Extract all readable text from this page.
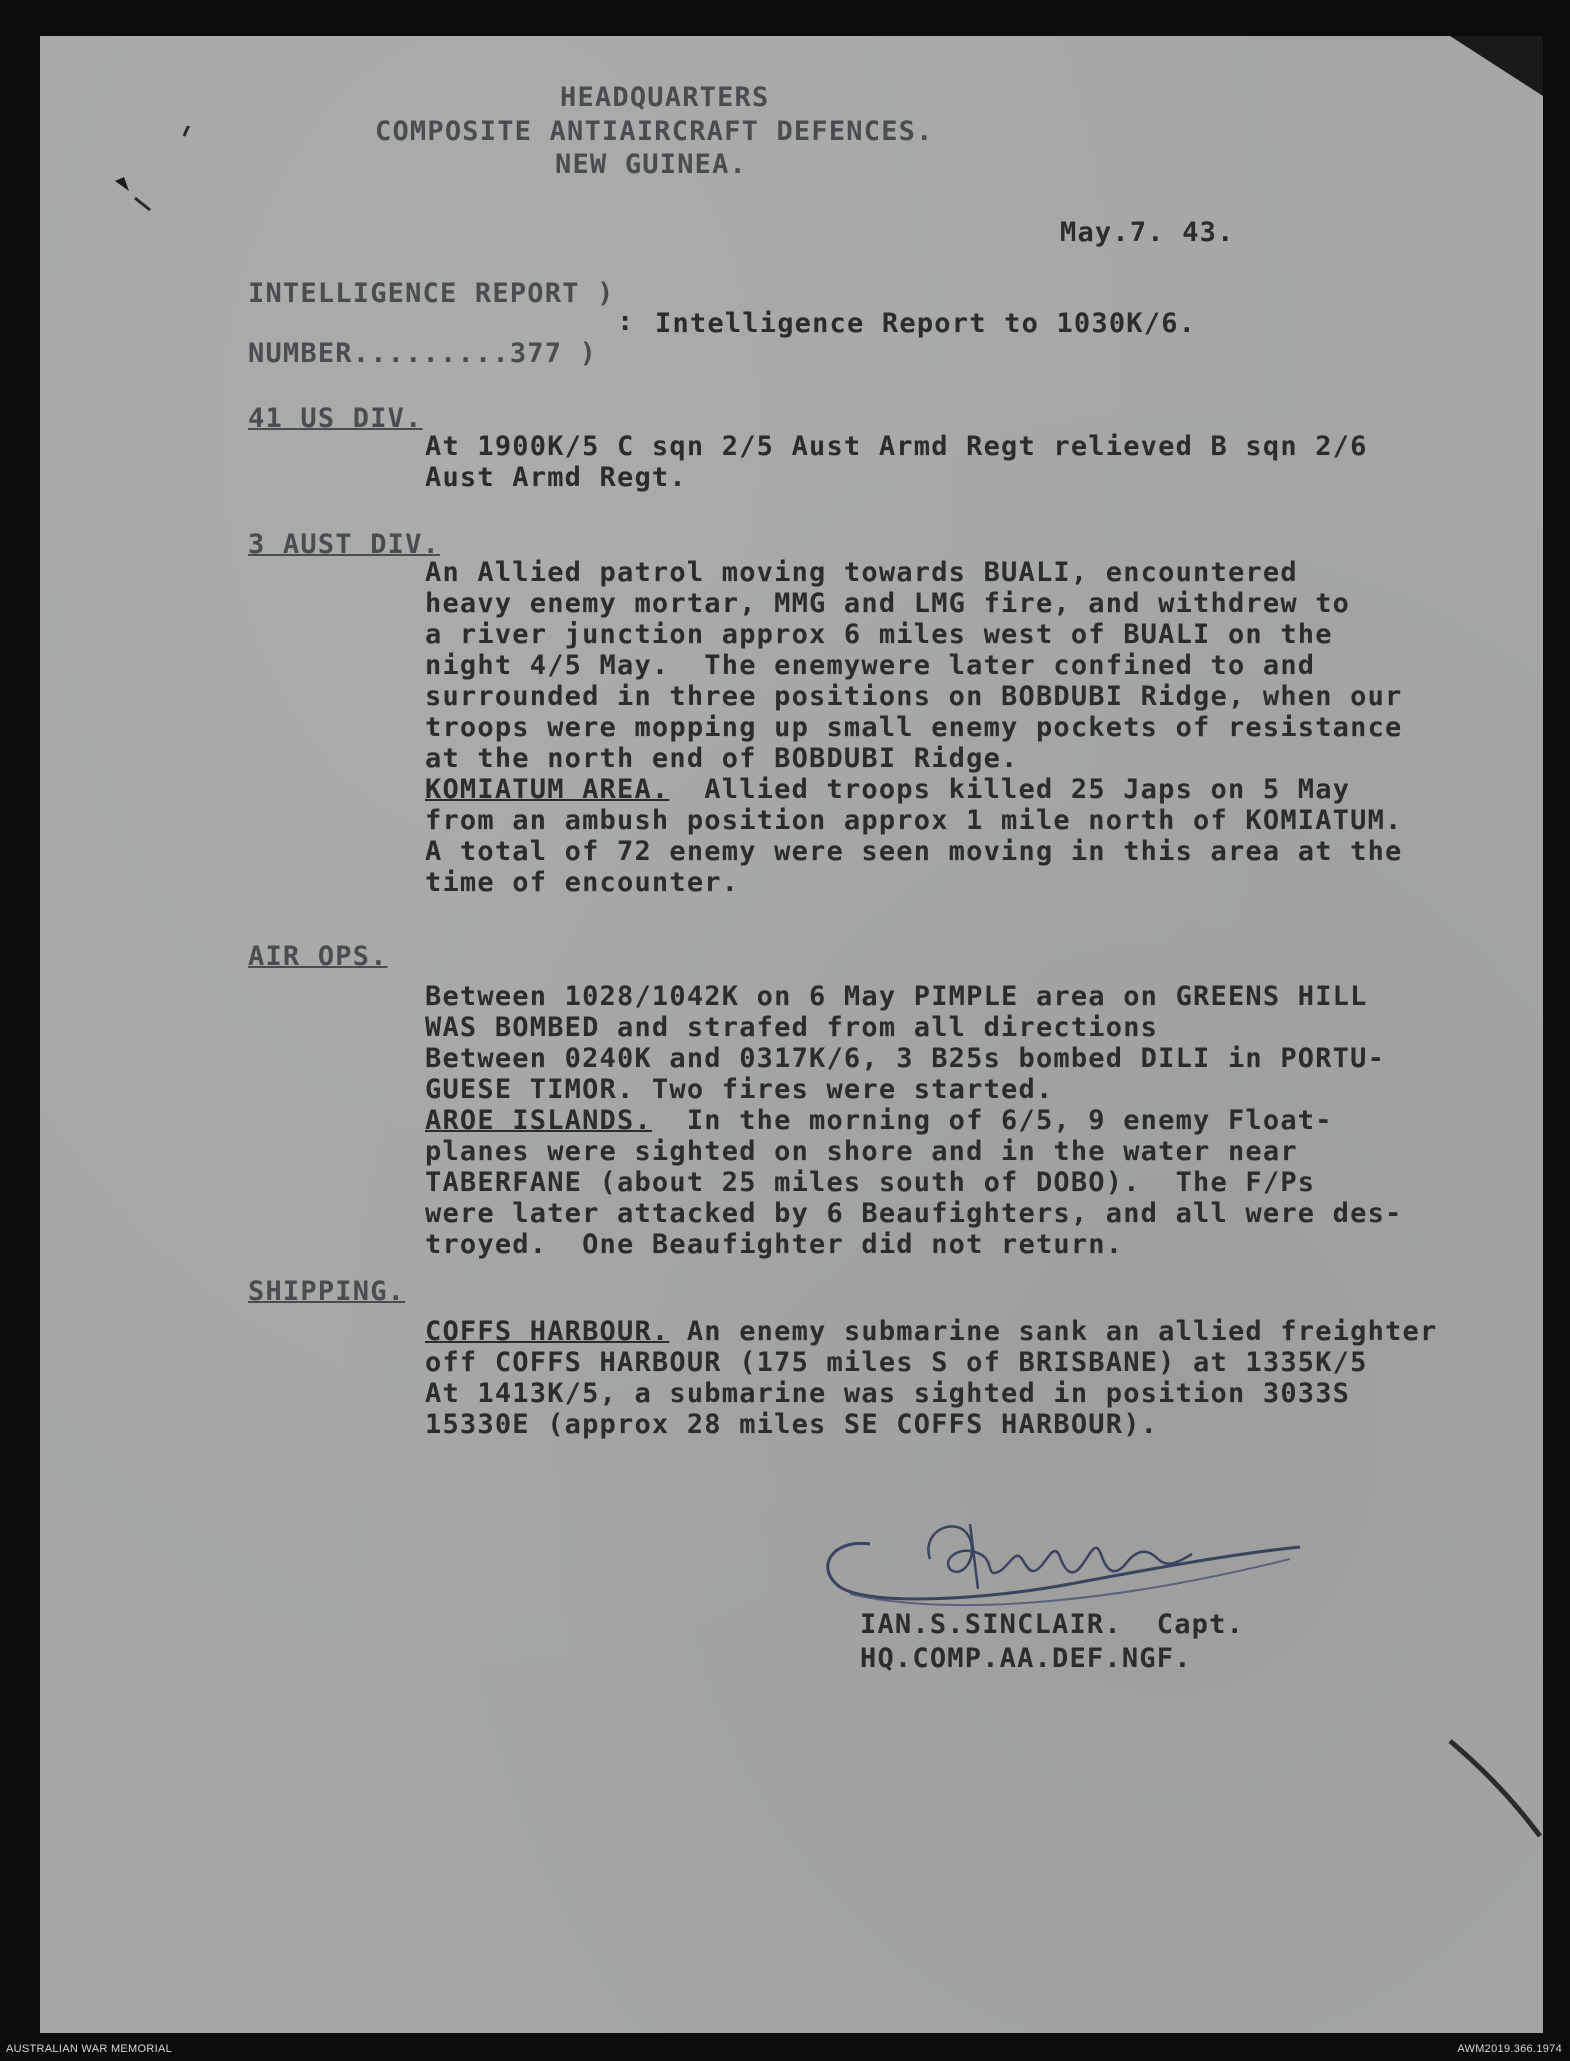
HEADQUARTERS
COMPOSITE ANTIAIRCRAFT DEFENCES.
NEW GUINEA.
May.7. 43.
INTELLIGENCE REPORT )
: Intelligence Report to 1030K/6.
NUMBER.........377 )
41 US DIV.
At 1900K/5 C sqn 2/5 Aust Armd Regt relieved B sqn 2/6
Aust Armd Regt.
3 AUST DIV.
An Allied patrol moving towards BUALI, encountered
heavy enemy mortar, MMG and LMG fire, and withdrew to
a river junction approx 6 miles west of BUALI on the
night 4/5 May.  The enemywere later confined to and
surrounded in three positions on BOBDUBI Ridge, when our
troops were mopping up small enemy pockets of resistance
at the north end of BOBDUBI Ridge.
KOMIATUM AREA.  Allied troops killed 25 Japs on 5 May
from an ambush position approx 1 mile north of KOMIATUM.
A total of 72 enemy were seen moving in this area at the
time of encounter.
AIR OPS.
Between 1028/1042K on 6 May PIMPLE area on GREENS HILL
WAS BOMBED and strafed from all directions
Between 0240K and 0317K/6, 3 B25s bombed DILI in PORTU-
GUESE TIMOR. Two fires were started.
AROE ISLANDS.  In the morning of 6/5, 9 enemy Float-
planes were sighted on shore and in the water near
TABERFANE (about 25 miles south of DOBO).  The F/Ps
were later attacked by 6 Beaufighters, and all were des-
troyed.  One Beaufighter did not return.
SHIPPING.
COFFS HARBOUR. An enemy submarine sank an allied freighter
off COFFS HARBOUR (175 miles S of BRISBANE) at 1335K/5
At 1413K/5, a submarine was sighted in position 3033S
15330E (approx 28 miles SE COFFS HARBOUR).
IAN.S.SINCLAIR.  Capt.
HQ.COMP.AA.DEF.NGF.
AUSTRALIAN WAR MEMORIAL	AWM2019.366.1974
